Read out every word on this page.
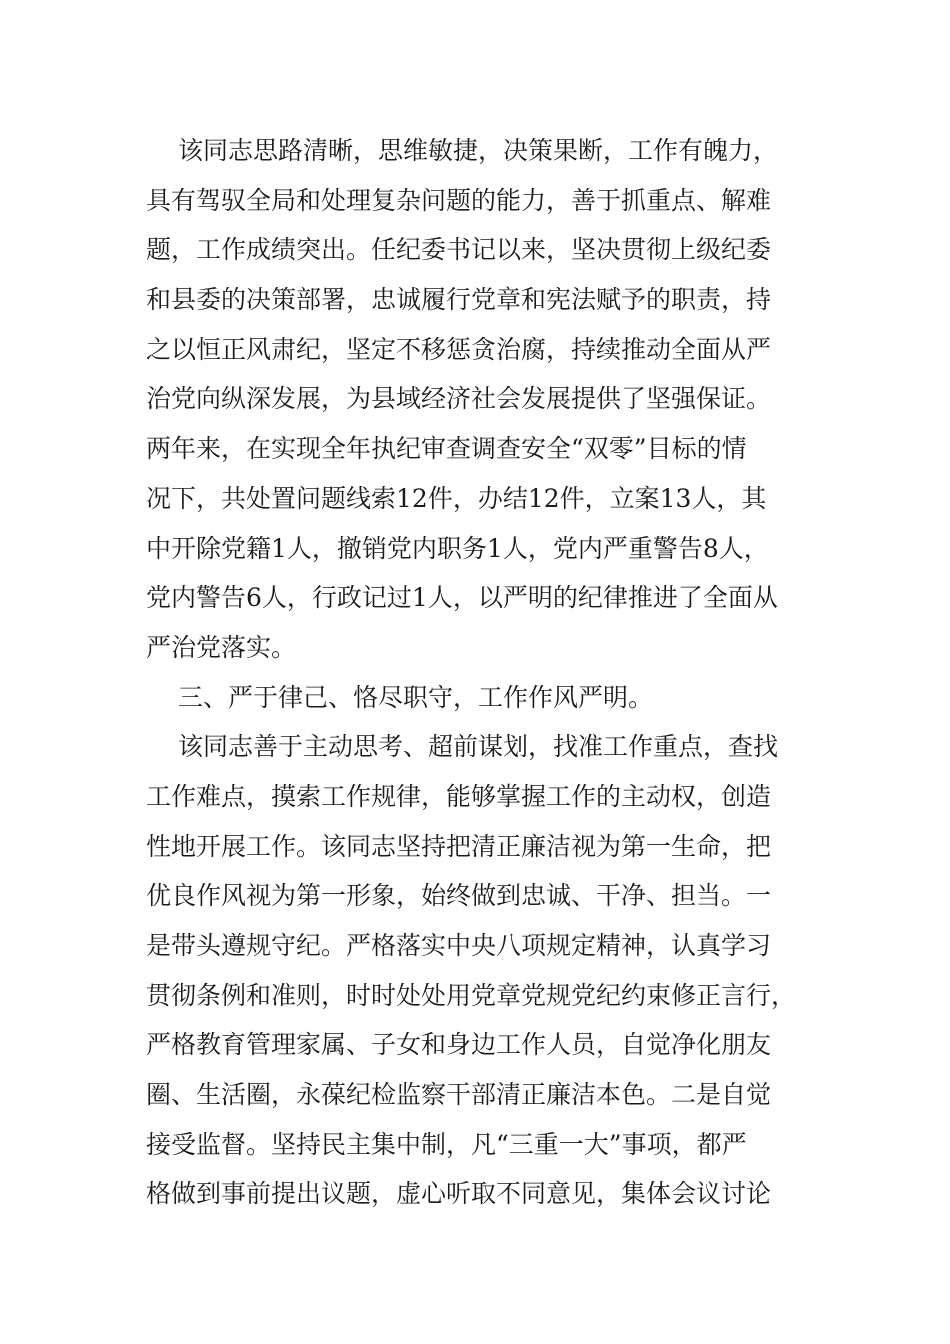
该同志思路清晰，思维敏捷，决策果断，工作有魄力，
具有驾驭全局和处理复杂问题的能力，善于抓重点、解难
题，工作成绩突出。任纪委书记以来，坚决贯彻上级纪委
和县委的决策部署，忠诚履行党章和宪法赋予的职责，持
之以恒正风肃纪，坚定不移惩贪治腐，持续推动全面从严
治党向纵深发展，为县域经济社会发展提供了坚强保证。
两年来，在实现全年执纪审查调查安全“双零”目标的情
况下，共处置问题线索12件，办结12件，立案13人，其
中开除党籍1人，撤销党内职务1人，党内严重警告8人，
党内警告6人，行政记过1人，以严明的纪律推进了全面从
严治党落实。
三、严于律己、恪尽职守，工作作风严明。
该同志善于主动思考、超前谋划，找准工作重点，查找
工作难点，摸索工作规律，能够掌握工作的主动权，创造
性地开展工作。该同志坚持把清正廉洁视为第一生命，把
优良作风视为第一形象，始终做到忠诚、干净、担当。一
是带头遵规守纪。严格落实中央八项规定精神，认真学习
贯彻条例和准则，时时处处用党章党规党纪约束修正言行，
严格教育管理家属、子女和身边工作人员，自觉净化朋友
圈、生活圈，永葆纪检监察干部清正廉洁本色。二是自觉
接受监督。坚持民主集中制，凡“三重一大”事项，都严
格做到事前提出议题，虚心听取不同意见，集体会议讨论
